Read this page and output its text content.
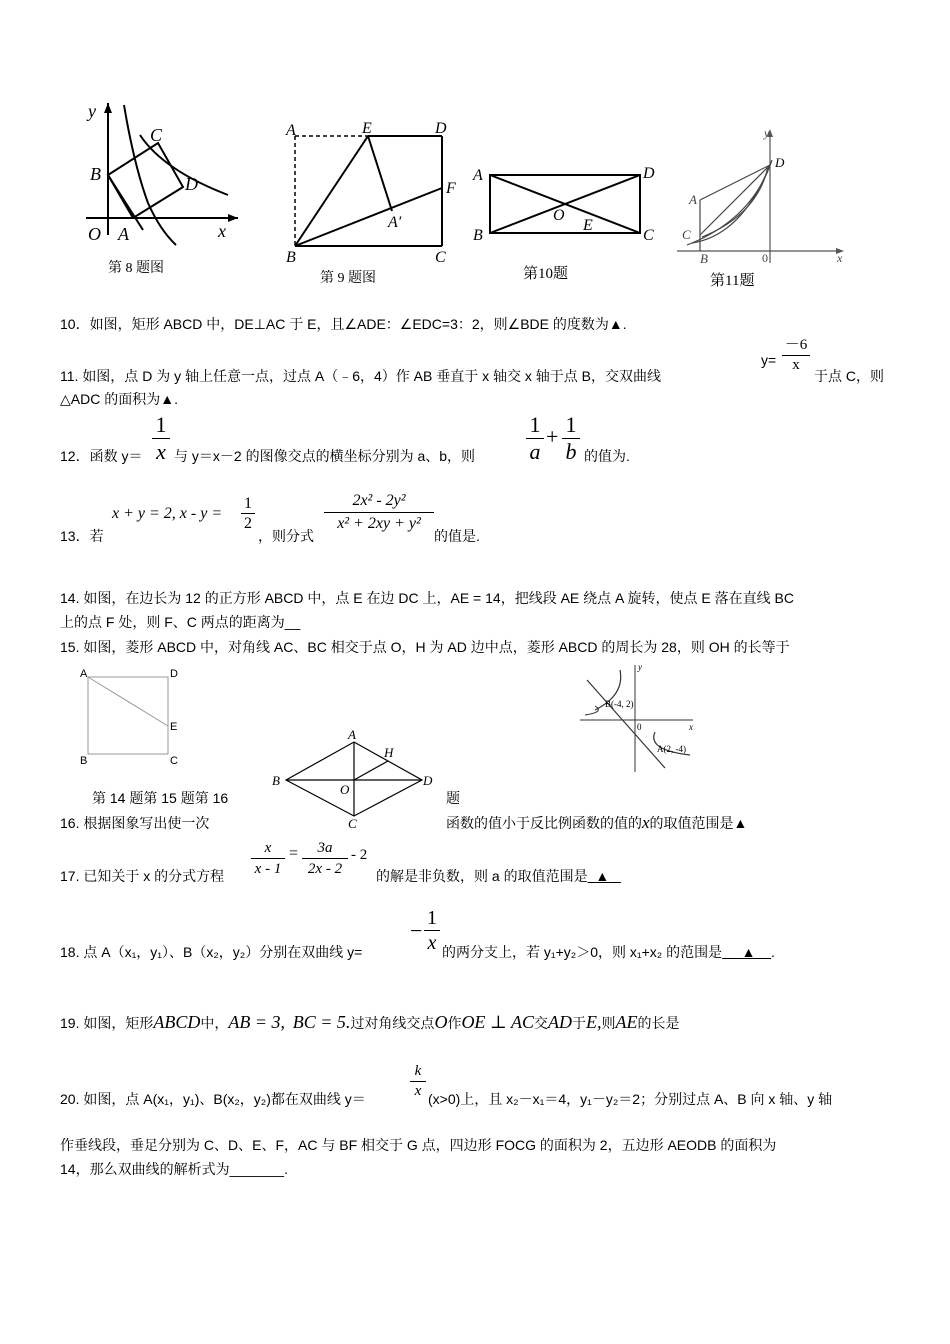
y
x
O A
B
C
D
第 8 题图
A	E	D
F
A′
B	C
第 9 题图
A	D
O
E
B	C
第10题
y
D
A
C
B	0	x
第11题
10．如图，矩形 ABCD 中，DE⊥AC 于 E，且∠ADE：∠EDC=3：2，则∠BDE 的度数为▲.
11. 如图，点 D 为 y 轴上任意一点，过点 A（﹣6，4）作 AB 垂直于 x 轴交 x 轴于点 B，交双曲线
y=
－6
x
于点 C，则
△ADC 的面积为▲.
12．函数 y＝
1
x 与 y＝x－2 的图像交点的横坐标分别为 a、b，则
1
a
+ 1
b 的值为.
13．若
x + y = 2, x - y =
1
2
，则分式
2x² - 2y²
x² + 2xy + y²
的值是.
14. 如图，在边长为 12 的正方形 ABCD 中，点 E 在边 DC 上，AE = 14，把线段 AE 绕点 A 旋转，使点 E 落在直线 BC
上的点 F 处，则 F、C 两点的距离为__
15. 如图，菱形 ABCD 中，对角线 AC、BC 相交于点 O，H 为 AD 边中点，菱形 ABCD 的周长为 28，则 OH 的长等于
A	D
E
B	C
A
H
B
O
D
C
y
B(-4, 2)
0	x
A(2, -4)
第 14 题第 15 题第 16	题
16. 根据图象写出使一次	函数的值小于反比例函数的值的x的取值范围是▲
17. 已知关于 x 的分式方程
x
x - 1
=	3a
2x - 2
- 2
的解是非负数，则 a 的取值范围是 ▲
18. 点 A（x₁，y₁）、B（x₂，y₂）分别在双曲线 y=
− 1
x 的两分支上，若 y₁+y₂＞0，则 x₁+x₂ 的范围是 ▲ .
19. 如图，矩形ABCD中，AB = 3, BC = 5.过对角线交点O作OE ⊥ AC交AD于E,则AE的长是
20. 如图，点 A(x₁，y₁)、B(x₂，y₂)都在双曲线 y＝
k
x (x>0)上，且 x₂－x₁＝4，y₁－y₂＝2；分别过点 A、B 向 x 轴、y 轴
作垂线段，垂足分别为 C、D、E、F，AC 与 BF 相交于 G 点，四边形 FOCG 的面积为 2，五边形 AEODB 的面积为
14，那么双曲线的解析式为_______.
